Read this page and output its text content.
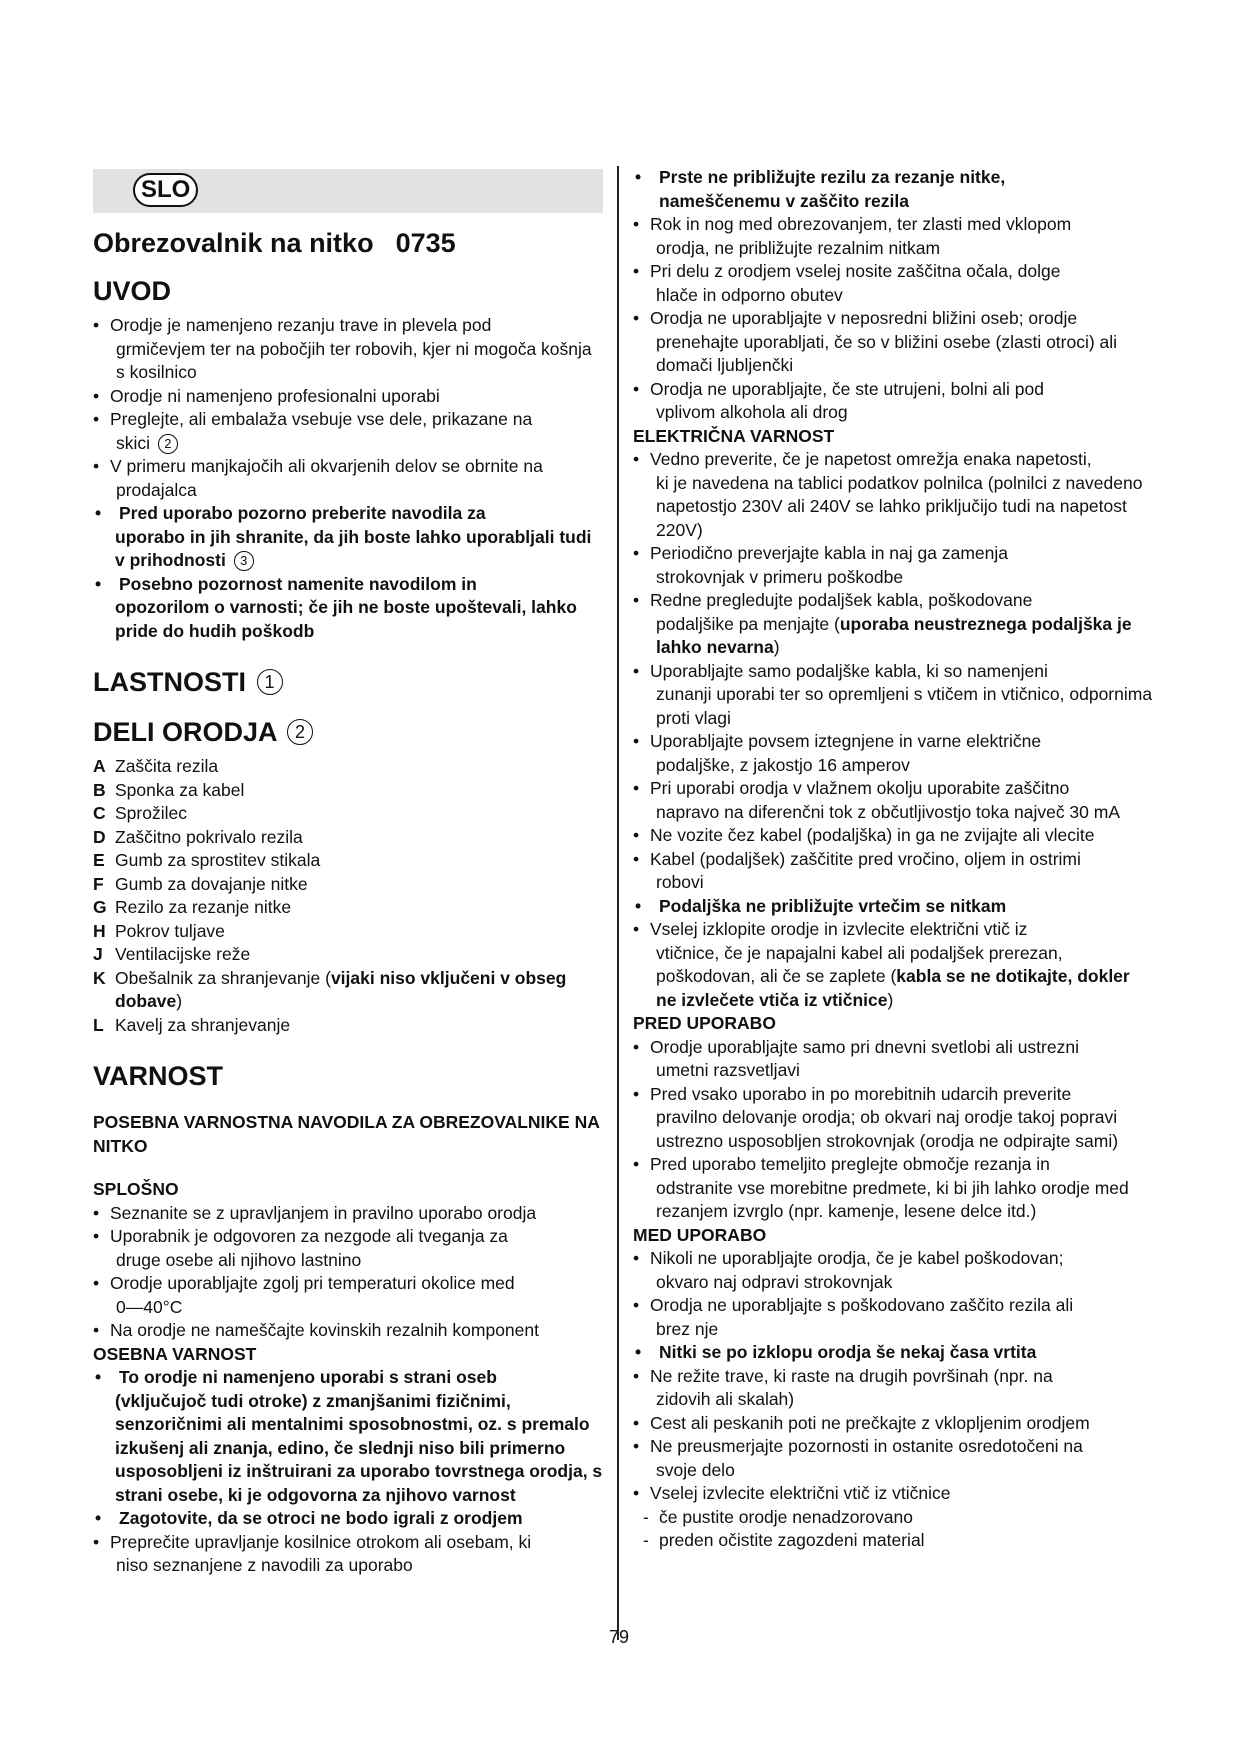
SLO
Obrezovalnik na nitko 0735
UVOD
• Orodje je namenjeno rezanju trave in plevela pod
grmičevjem ter na pobočjih ter robovih, kjer ni mogoča košnja s kosilnico
• Orodje ni namenjeno profesionalni uporabi
• Preglejte, ali embalaža vsebuje vse dele, prikazane na
skici 2
• V primeru manjkajočih ali okvarjenih delov se obrnite na
prodajalca
• Pred uporabo pozorno preberite navodila za
uporabo in jih shranite, da jih boste lahko uporabljali tudi v prihodnosti 3
• Posebno pozornost namenite navodilom in
opozorilom o varnosti; če jih ne boste upoštevali, lahko pride do hudih poškodb
LASTNOSTI 1
DELI ORODJA 2
A Zaščita rezila
B Sponka za kabel
C Sprožilec
D Zaščitno pokrivalo rezila
E Gumb za sprostitev stikala
F Gumb za dovajanje nitke
G Rezilo za rezanje nitke
H Pokrov tuljave
J Ventilacijske reže
K Obešalnik za shranjevanje (vijaki niso vključeni v obseg dobave)
L Kavelj za shranjevanje
VARNOST

POSEBNA VARNOSTNA NAVODILA ZA OBREZOVALNIKE NA NITKO

SPLOŠNO

• Seznanite se z upravljanjem in pravilno uporabo orodja
• Uporabnik je odgovoren za nezgode ali tveganja za
druge osebe ali njihovo lastnino
• Orodje uporabljajte zgolj pri temperaturi okolice med
0—40°C
• Na orodje ne nameščajte kovinskih rezalnih komponent

OSEBNA VARNOST

• To orodje ni namenjeno uporabi s strani oseb
(vključujoč tudi otroke) z zmanjšanimi fizičnimi, senzoričnimi ali mentalnimi sposobnostmi, oz. s premalo izkušenj ali znanja, edino, če slednji niso bili primerno usposobljeni iz inštruirani za uporabo tovrstnega orodja, s strani osebe, ki je odgovorna za njihovo varnost
• Zagotovite, da se otroci ne bodo igrali z orodjem
• Preprečite upravljanje kosilnice otrokom ali osebam, ki
niso seznanjene z navodili za uporabo
• Prste ne približujte rezilu za rezanje nitke,
nameščenemu v zaščito rezila
• Rok in nog med obrezovanjem, ter zlasti med vklopom
orodja, ne približujte rezalnim nitkam
• Pri delu z orodjem vselej nosite zaščitna očala, dolge
hlače in odporno obutev
• Orodja ne uporabljajte v neposredni bližini oseb; orodje
prenehajte uporabljati, če so v bližini osebe (zlasti otroci) ali domači ljubljenčki
• Orodja ne uporabljajte, če ste utrujeni, bolni ali pod
vplivom alkohola ali drog

ELEKTRIČNA VARNOST

• Vedno preverite, če je napetost omrežja enaka napetosti,
ki je navedena na tablici podatkov polnilca (polnilci z navedeno napetostjo 230V ali 240V se lahko priključijo tudi na napetost 220V)
• Periodično preverjajte kabla in naj ga zamenja
strokovnjak v primeru poškodbe
• Redne pregledujte podaljšek kabla, poškodovane
podaljšike pa menjajte (uporaba neustreznega podaljška je lahko nevarna)
• Uporabljajte samo podaljške kabla, ki so namenjeni
zunanji uporabi ter so opremljeni s vtičem in vtičnico, odpornima proti vlagi
• Uporabljajte povsem iztegnjene in varne električne
podaljške, z jakostjo 16 amperov
• Pri uporabi orodja v vlažnem okolju uporabite zaščitno
napravo na diferenčni tok z občutljivostjo toka največ 30 mA
• Ne vozite čez kabel (podaljška) in ga ne zvijajte ali vlecite
• Kabel (podaljšek) zaščitite pred vročino, oljem in ostrimi
robovi
• Podaljška ne približujte vrtečim se nitkam
• Vselej izklopite orodje in izvlecite električni vtič iz
vtičnice, če je napajalni kabel ali podaljšek prerezan, poškodovan, ali če se zaplete (kabla se ne dotikajte, dokler ne izvlečete vtiča iz vtičnice)

PRED UPORABO

• Orodje uporabljajte samo pri dnevni svetlobi ali ustrezni
umetni razsvetljavi
• Pred vsako uporabo in po morebitnih udarcih preverite
pravilno delovanje orodja; ob okvari naj orodje takoj popravi ustrezno usposobljen strokovnjak (orodja ne odpirajte sami)
• Pred uporabo temeljito preglejte območje rezanja in
odstranite vse morebitne predmete, ki bi jih lahko orodje med rezanjem izvrglo (npr. kamenje, lesene delce itd.)

MED UPORABO

• Nikoli ne uporabljajte orodja, če je kabel poškodovan;
okvaro naj odpravi strokovnjak
• Orodja ne uporabljajte s poškodovano zaščito rezila ali
brez nje
• Nitki se po izklopu orodja še nekaj časa vrtita
• Ne režite trave, ki raste na drugih površinah (npr. na
zidovih ali skalah)
• Cest ali peskanih poti ne prečkajte z vklopljenim orodjem
• Ne preusmerjajte pozornosti in ostanite osredotočeni na
svoje delo
• Vselej izvlecite električni vtič iz vtičnice
- če pustite orodje nenadzorovano
- preden očistite zagozdeni material
79
